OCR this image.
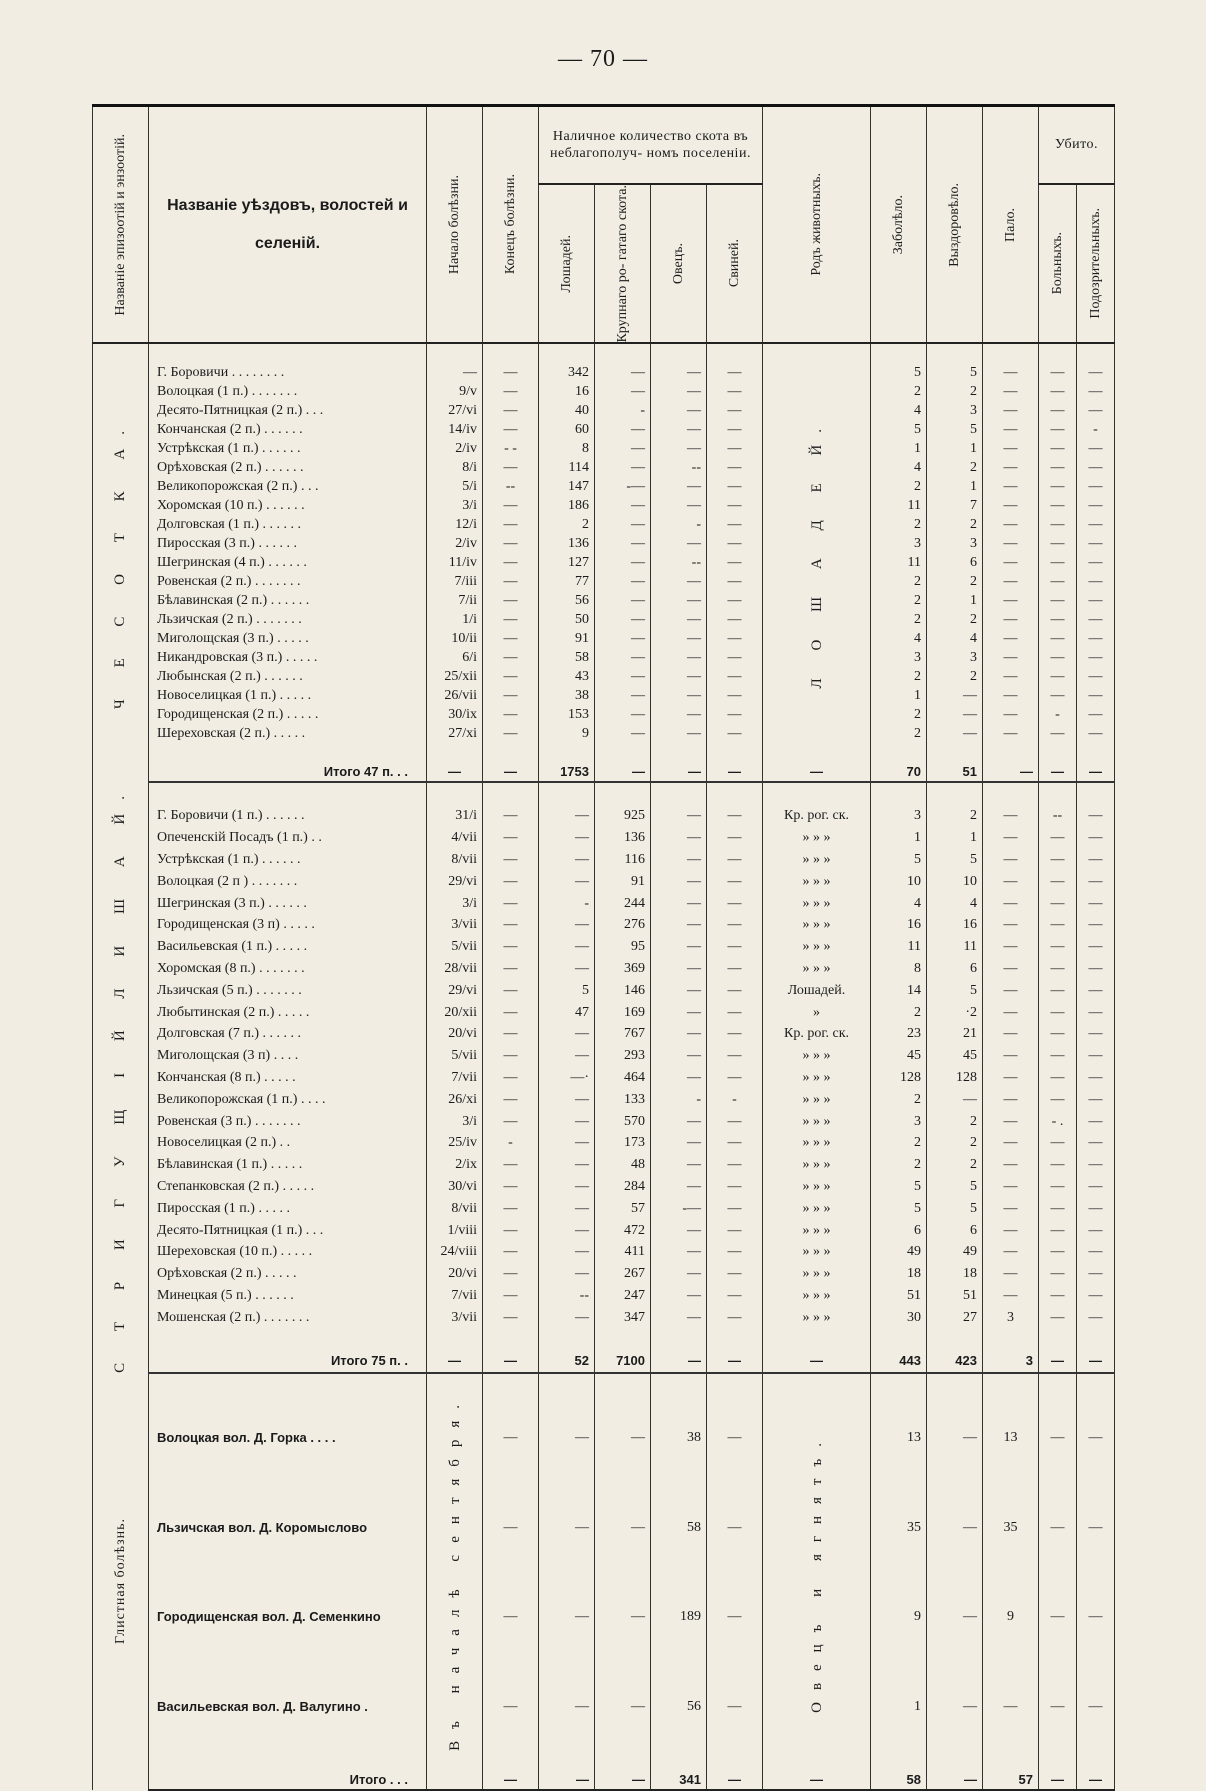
— 70 —
Названіе эпизоотій и энзоотій.	Названіе уѣздовъ, волостей и селеній.	Начало болѣзни.	Конецъ болѣзни.	Наличное количество скота въ неблагополуч- номъ поселеніи.				Родъ животныхъ.	Заболѣло.	Выздоровѣло.	Пало.	Убито.	

				Лошадей.	Крупнаго ро- гатаго скота.	Овецъ.	Свиней.					Больныхъ.	Подозрительныхъ.

Ч Е С О Т К А.													

	Г. Боровичи . . . . . . . .	—	—	342	—	—	—	Л О Ш А Д Е Й.	5	5	—	—	—
	Волоцкая (1 п.) . . . . . . .	9/v	—	16	—	—	—		2	2	—	—	—
	Десято-Пятницкая (2 п.) . . .	27/vi	—	40	-	—	—		4	3	—	—	—
	Кончанская (2 п.) . . . . . .	14/iv	—	60	—	—	—		5	5	—	—	-
	Устрѣкская (1 п.) . . . . . .	2/iv	- -	8	—	—	—		1	1	—	—	—
	Орѣховская (2 п.) . . . . . .	8/i	—	114	—	--	—		4	2	—	—	—
	Великопорожская (2 п.) . . .	5/i	--	147	-—	—	—		2	1	—	—	—
	Хоромская (10 п.) . . . . . .	3/i	—	186	—	—	—		11	7	—	—	—
	Долговская (1 п.) . . . . . .	12/i	—	2	—	-	—		2	2	—	—	—
	Пиросская (3 п.) . . . . . .	2/iv	—	136	—	—	—		3	3	—	—	—
	Шегринская (4 п.) . . . . . .	11/iv	—	127	—	--	—		11	6	—	—	—
	Ровенская (2 п.) . . . . . . .	7/iii	—	77	—	—	—		2	2	—	—	—
	Бѣлавинская (2 п.) . . . . . .	7/ii	—	56	—	—	—		2	1	—	—	—
	Льзичская (2 п.) . . . . . . .	1/i	—	50	—	—	—		2	2	—	—	—
	Миголощская (3 п.) . . . . .	10/ii	—	91	—	—	—		4	4	—	—	—
	Никандровская (3 п.) . . . . .	6/i	—	58	—	—	—		3	3	—	—	—
	Любынская (2 п.) . . . . . .	25/xii	—	43	—	—	—		2	2	—	—	—
	Новоселицкая (1 п.) . . . . .	26/vii	—	38	—	—	—		1	—	—	—	—
	Городищенская (2 п.) . . . . .	30/ix	—	153	—	—	—		2	—	—	-	—
	Шереховская (2 п.) . . . . .	27/xi	—	9	—	—	—		2	—	—	—	—

	Итого 47 п. . .	—	—	1753	—	—	—	—	70	51	—	—	—

С Т Р И Г У Щ І Й Л И Ш А Й.													

	Г. Боровичи (1 п.) . . . . . .	31/i	—	—	925	—	—	Кр. рог. ск.	3	2	—	--	—
	Опеченскій Посадъ (1 п.) . .	4/vii	—	—	136	—	—	» » »	1	1	—	—	—
	Устрѣкская (1 п.) . . . . . .	8/vii	—	—	116	—	—	» » »	5	5	—	—	—
	Волоцкая (2 п ) . . . . . . .	29/vi	—	—	91	—	—	» » »	10	10	—	—	—
	Шегринская (3 п.) . . . . . .	3/i	—	-	244	—	—	» » »	4	4	—	—	—
	Городищенская (3 п) . . . . .	3/vii	—	—	276	—	—	» » »	16	16	—	—	—
	Васильевская (1 п.) . . . . .	5/vii	—	—	95	—	—	» » »	11	11	—	—	—
	Хоромская (8 п.) . . . . . . .	28/vii	—	—	369	—	—	» » »	8	6	—	—	—
	Льзичская (5 п.) . . . . . . .	29/vi	—	5	146	—	—	Лошадей.	14	5	—	—	—
	Любытинская (2 п.) . . . . .	20/xii	—	47	169	—	—	»	2	·2	—	—	—
	Долговская (7 п.) . . . . . .	20/vi	—	—	767	—	—	Кр. рог. ск.	23	21	—	—	—
	Миголощская (3 п) . . . .	5/vii	—	—	293	—	—	» » »	45	45	—	—	—
	Кончанская (8 п.) . . . . .	7/vii	—	—·	464	—	—	» » »	128	128	—	—	—
	Великопорожская (1 п.) . . . .	26/xi	—	—	133	-	-	» » »	2	—	—	—	—
	Ровенская (3 п.) . . . . . . .	3/i	—	—	570	—	—	» » »	3	2	—	- .	—
	Новоселицкая (2 п.) . .	25/iv	-	—	173	—	—	» » »	2	2	—	—	—
	Бѣлавинская (1 п.) . . . . .	2/ix	—	—	48	—	—	» » »	2	2	—	—	—
	Степанковская (2 п.) . . . . .	30/vi	—	—	284	—	—	» » »	5	5	—	—	—
	Пиросская (1 п.) . . . . .	8/vii	—	—	57	-—	—	» » »	5	5	—	—	—
	Десято-Пятницкая (1 п.) . . .	1/viii	—	—	472	—	—	» » »	6	6	—	—	—
	Шереховская (10 п.) . . . . .	24/viii	—	—	411	—	—	» » »	49	49	—	—	—
	Орѣховская (2 п.) . . . . .	20/vi	—	—	267	—	—	» » »	18	18	—	—	—
	Минецкая (5 п.) . . . . . .	7/vii	—	--	247	—	—	» » »	51	51	—	—	—
	Мошенская (2 п.) . . . . . . .	3/vii	—	—	347	—	—	» » »	30	27	3	—	—

	Итого 75 п. .	—	—	52	7100	—	—	—	443	423	3	—	—

Глистная болѣзнь.													

	Волоцкая вол. Д. Горка . . . .	Въ началѣ сентября.	—	—	—	38	—	Овецъ и ягнятъ.	13	—	13	—	—
	Льзичская вол. Д. Коромыслово		—	—	—	58	—		35	—	35	—	—
	Городищенская вол. Д. Семенкино		—	—	—	189	—		9	—	9	—	—
	Васильевская вол. Д. Валугино .		—	—	—	56	—		1	—	—	—	—

	Итого . . .		—	—	—	341	—	—	58	—	57	—	—
